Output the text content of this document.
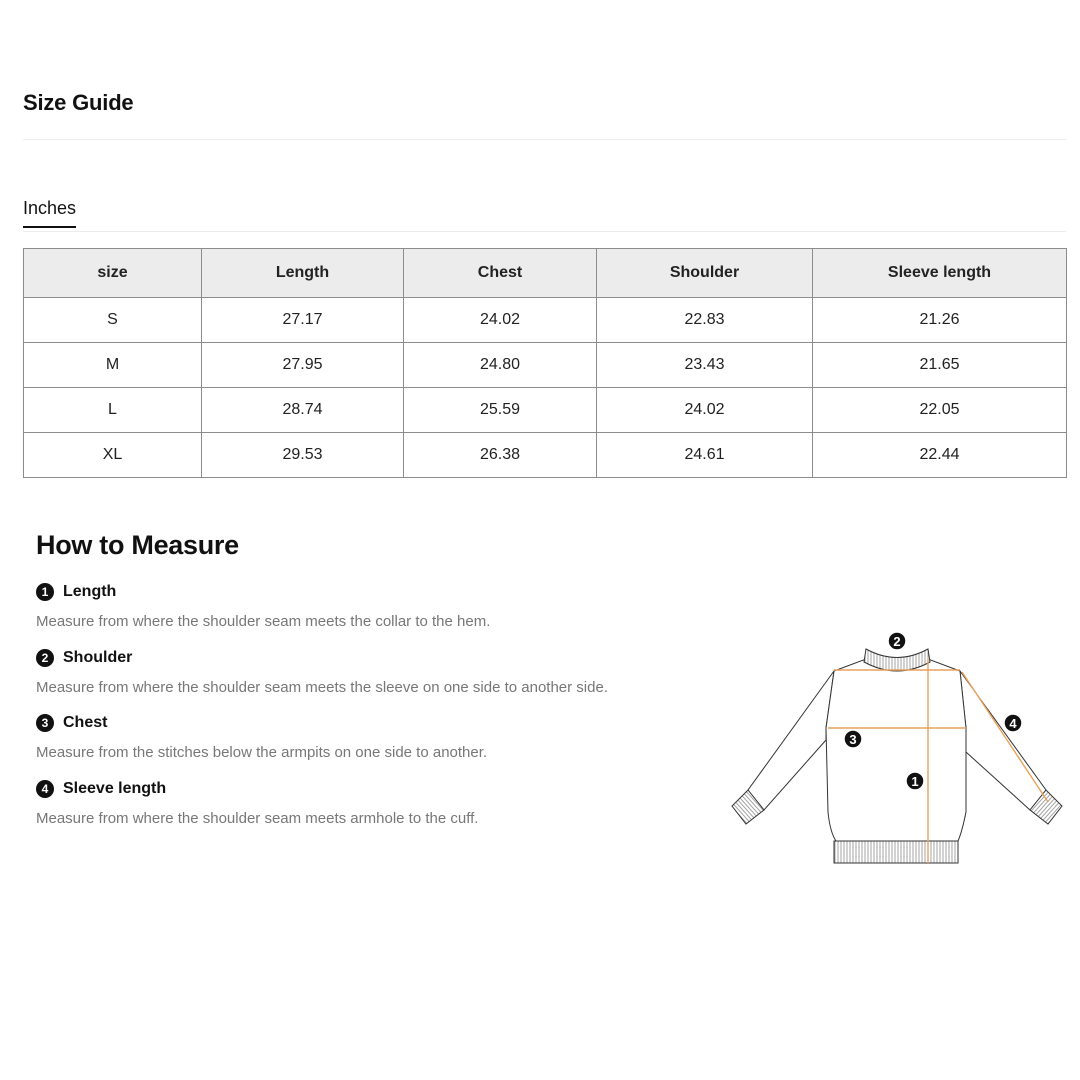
Size Guide
Inches
size	Length	Chest	Shoulder	Sleeve length
S	27.17	24.02	22.83	21.26
M	27.95	24.80	23.43	21.65
L	28.74	25.59	24.02	22.05
XL	29.53	26.38	24.61	22.44
How to Measure
1 Length
Measure from where the shoulder seam meets the collar to the hem.
2 Shoulder
Measure from where the shoulder seam meets the sleeve on one side to another side.
3 Chest
Measure from the stitches below the armpits on one side to another.
4 Sleeve length
Measure from where the shoulder seam meets armhole to the cuff.
2
3
1
4
